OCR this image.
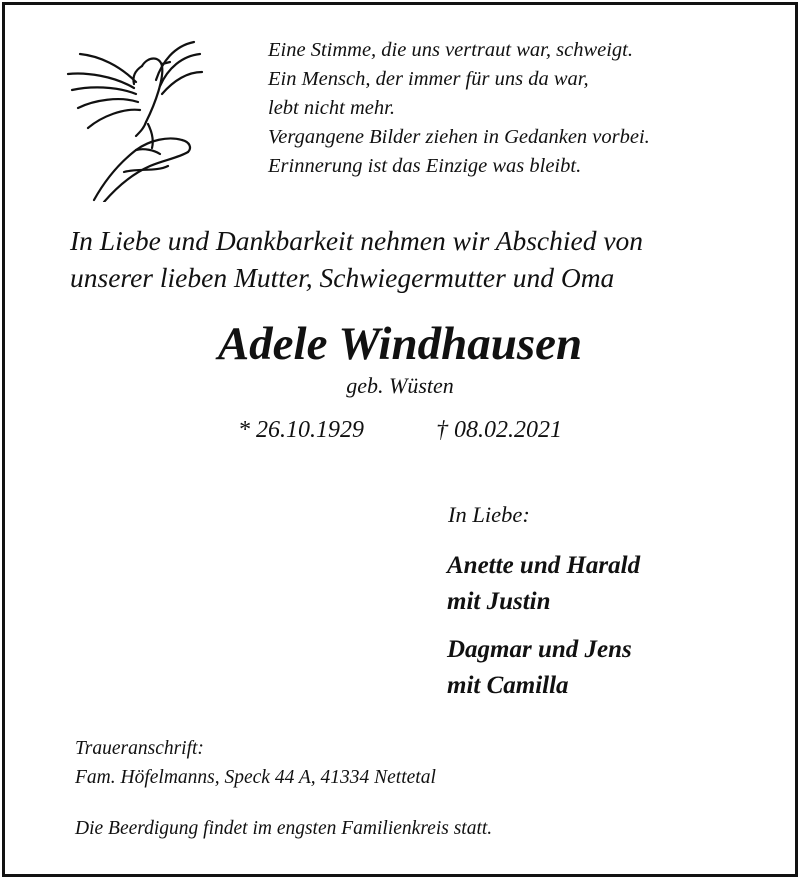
Eine Stimme, die uns vertraut war, schweigt.
Ein Mensch, der immer für uns da war,
lebt nicht mehr.
Vergangene Bilder ziehen in Gedanken vorbei.
Erinnerung ist das Einzige was bleibt.
In Liebe und Dankbarkeit nehmen wir Abschied von
unserer lieben Mutter, Schwiegermutter und Oma
Adele Windhausen
geb. Wüsten
* 26.10.1929	† 08.02.2021
In Liebe:
Anette und Harald
mit Justin
Dagmar und Jens
mit Camilla
Traueranschrift:
Fam. Höfelmanns, Speck 44 A, 41334 Nettetal
Die Beerdigung findet im engsten Familienkreis statt.
